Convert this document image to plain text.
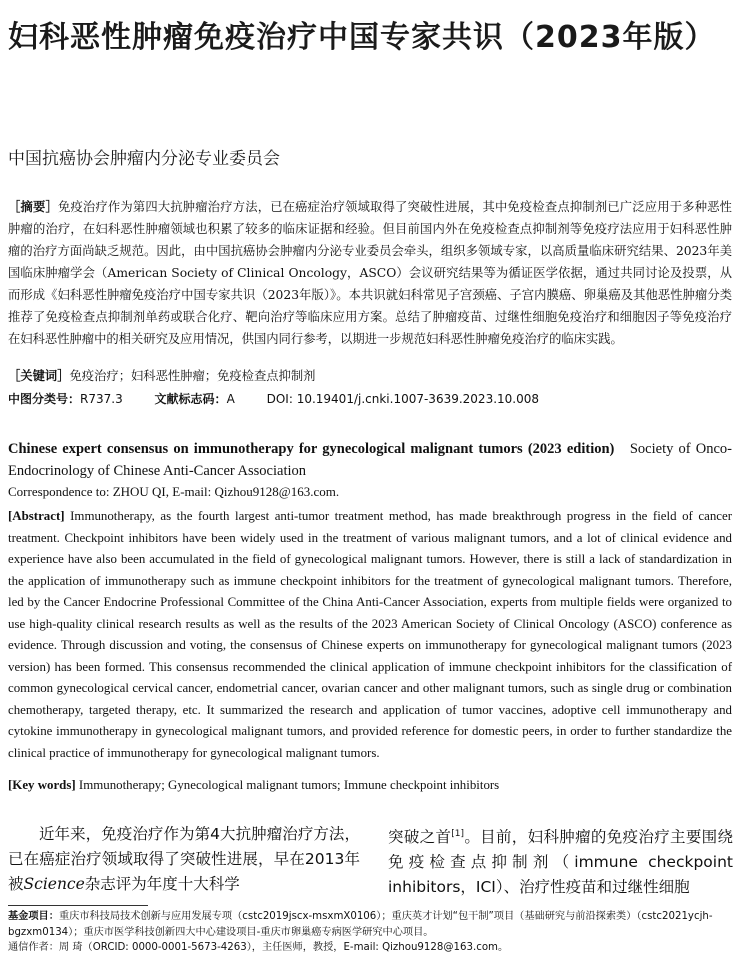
妇科恶性肿瘤免疫治疗中国专家共识（2023年版）

中国抗癌协会肿瘤内分泌专业委员会

［摘要］免疫治疗作为第四大抗肿瘤治疗方法，已在癌症治疗领域取得了突破性进展，其中免疫检查点抑制剂已广泛应用于多种恶性肿瘤的治疗，在妇科恶性肿瘤领域也积累了较多的临床证据和经验。但目前国内外在免疫检查点抑制剂等免疫疗法应用于妇科恶性肿瘤的治疗方面尚缺乏规范。因此，由中国抗癌协会肿瘤内分泌专业委员会牵头，组织多领域专家，以高质量临床研究结果、2023年美国临床肿瘤学会（American Society of Clinical Oncology，ASCO）会议研究结果等为循证医学依据，通过共同讨论及投票，从而形成《妇科恶性肿瘤免疫治疗中国专家共识（2023年版）》。本共识就妇科常见子宫颈癌、子宫内膜癌、卵巢癌及其他恶性肿瘤分类推荐了免疫检查点抑制剂单药或联合化疗、靶向治疗等临床应用方案。总结了肿瘤疫苗、过继性细胞免疫治疗和细胞因子等免疫治疗在妇科恶性肿瘤中的相关研究及应用情况，供国内同行参考，以期进一步规范妇科恶性肿瘤免疫治疗的临床实践。
［关键词］免疫治疗；妇科恶性肿瘤；免疫检查点抑制剂
中图分类号：R737.3	文献标志码：A	DOI: 10.19401/j.cnki.1007-3639.2023.10.008
Chinese expert consensus on immunotherapy for gynecological malignant tumors (2023 edition) Society of Onco-Endocrinology of Chinese Anti-Cancer Association
Correspondence to: ZHOU QI, E-mail: Qizhou9128@163.com.
[Abstract] Immunotherapy, as the fourth largest anti-tumor treatment method, has made breakthrough progress in the field of cancer treatment. Checkpoint inhibitors have been widely used in the treatment of various malignant tumors, and a lot of clinical evidence and experience have also been accumulated in the field of gynecological malignant tumors. However, there is still a lack of standardization in the application of immunotherapy such as immune checkpoint inhibitors for the treatment of gynecological malignant tumors. Therefore, led by the Cancer Endocrine Professional Committee of the China Anti-Cancer Association, experts from multiple fields were organized to use high-quality clinical research results as well as the results of the 2023 American Society of Clinical Oncology (ASCO) conference as evidence. Through discussion and voting, the consensus of Chinese experts on immunotherapy for gynecological malignant tumors (2023 version) has been formed. This consensus recommended the clinical application of immune checkpoint inhibitors for the classification of common gynecological cervical cancer, endometrial cancer, ovarian cancer and other malignant tumors, such as single drug or combination chemotherapy, targeted therapy, etc. It summarized the research and application of tumor vaccines, adoptive cell immunotherapy and cytokine immunotherapy in gynecological malignant tumors, and provided reference for domestic peers, in order to further standardize the clinical practice of immunotherapy for gynecological malignant tumors.
[Key words] Immunotherapy; Gynecological malignant tumors; Immune checkpoint inhibitors
近年来，免疫治疗作为第4大抗肿瘤治疗方法，已在癌症治疗领域取得了突破性进展，早在2013年被Science杂志评为年度十大科学
突破之首[1]。目前，妇科肿瘤的免疫治疗主要围绕免疫检查点抑制剂（immune checkpoint inhibitors，ICI）、治疗性疫苗和过继性细胞
基金项目：重庆市科技局技术创新与应用发展专项（cstc2019jscx-msxmX0106）；重庆英才计划“包干制”项目（基础研究与前沿探索类）（cstc2021ycjh-bgzxm0134）；重庆市医学科技创新四大中心建设项目-重庆市卵巢癌专病医学研究中心项目。
通信作者：周 琦（ORCID: 0000-0001-5673-4263），主任医师，教授，E-mail: Qizhou9128@163.com。
